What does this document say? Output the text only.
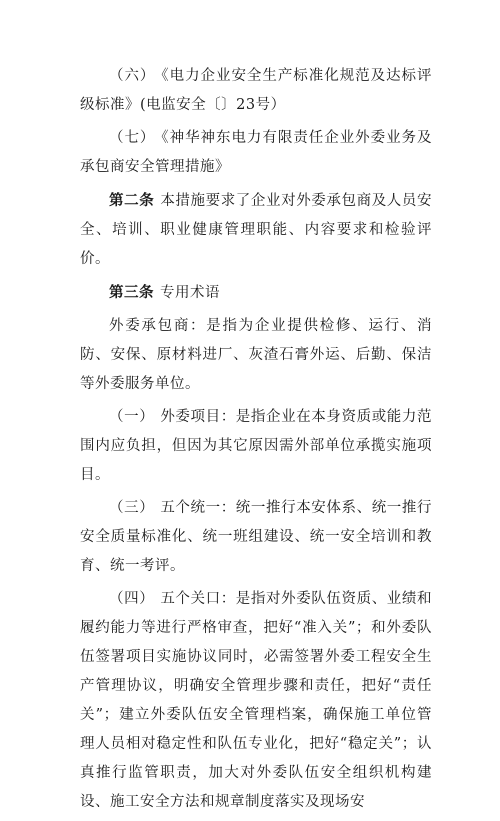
（六） 《电力企业安全生产标准化规范及达标评级标准》(电监安全〔〕23号）

（七） 《神华神东电力有限责任企业外委业务及承包商安全管理措施》

第二条 本措施要求了企业对外委承包商及人员安全、培训、职业健康管理职能、内容要求和检验评价。

第三条 专用术语

外委承包商：是指为企业提供检修、运行、消防、安保、原材料进厂、灰渣石膏外运、后勤、保洁等外委服务单位。

（一） 外委项目：是指企业在本身资质或能力范围内应负担，但因为其它原因需外部单位承揽实施项目。

（三） 五个统一：统一推行本安体系、统一推行安全质量标准化、统一班组建设、统一安全培训和教育、统一考评。

（四） 五个关口：是指对外委队伍资质、业绩和履约能力等进行严格审查，把好“准入关”；和外委队伍签署项目实施协议同时，必需签署外委工程安全生产管理协议，明确安全管理步骤和责任，把好“责任关”；建立外委队伍安全管理档案，确保施工单位管理人员相对稳定性和队伍专业化，把好“稳定关”；认真推行监管职责，加大对外委队伍安全组织机构建设、施工安全方法和规章制度落实及现场安
